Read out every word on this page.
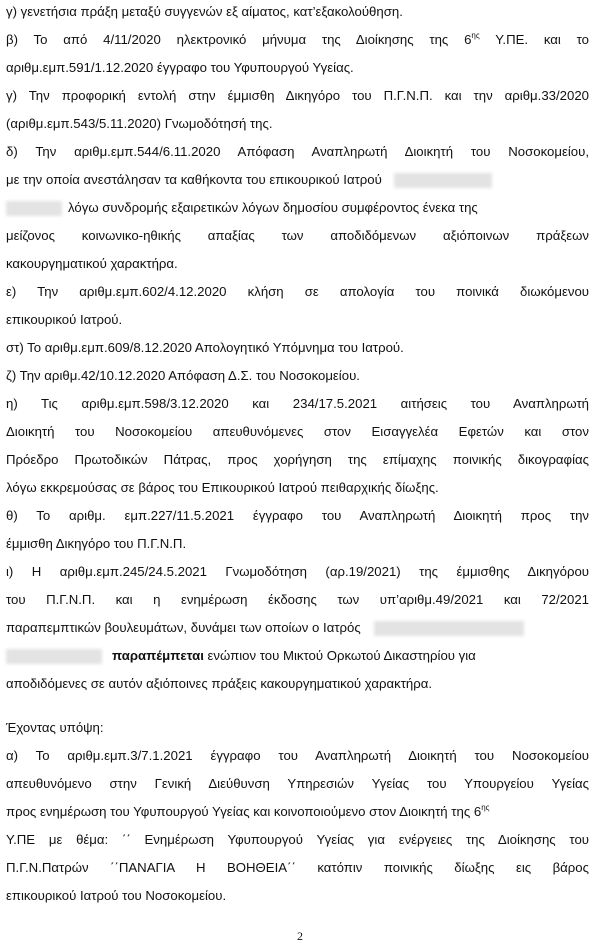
γ) γενετήσια πράξη μεταξύ συγγενών εξ αίματος, κατ’εξακολούθηση.
β) Το από 4/11/2020 ηλεκτρονικό μήνυμα της Διοίκησης της $6^{\eta\varsigma}$ Υ.ΠΕ. και το
αριθμ.εμπ.591/1.12.2020 έγγραφο του Υφυπουργού Υγείας.
γ) Την προφορική εντολή στην έμμισθη Δικηγόρο του Π.Γ.Ν.Π. και την αριθμ.33/2020
(αριθμ.εμπ.543/5.11.2020) Γνωμοδότησή της.
δ) Την αριθμ.εμπ.544/6.11.2020 Απόφαση Αναπληρωτή Διοικητή του Νοσοκομείου,
με την οποία ανεστάλησαν τα καθήκοντα του επικουρικού Ιατρού
λόγω συνδρομής εξαιρετικών λόγων δημοσίου συμφέροντος ένεκα της
μείζονος κοινωνικο-ηθικής απαξίας των αποδιδόμενων αξιόποινων πράξεων
κακουργηματικού χαρακτήρα.
ε) Την αριθμ.εμπ.602/4.12.2020 κλήση σε απολογία του ποινικά διωκόμενου
επικουρικού Ιατρού.
στ) Το αριθμ.εμπ.609/8.12.2020 Απολογητικό Υπόμνημα του Ιατρού.
ζ) Την αριθμ.42/10.12.2020 Απόφαση Δ.Σ. του Νοσοκομείου.
η) Τις αριθμ.εμπ.598/3.12.2020 και 234/17.5.2021 αιτήσεις του Αναπληρωτή
Διοικητή του Νοσοκομείου απευθυνόμενες στον Εισαγγελέα Εφετών και στον
Πρόεδρο Πρωτοδικών Πάτρας, προς χορήγηση της επίμαχης ποινικής δικογραφίας
λόγω εκκρεμούσας σε βάρος του Επικουρικού Ιατρού πειθαρχικής δίωξης.
θ) Το αριθμ. εμπ.227/11.5.2021 έγγραφο του Αναπληρωτή Διοικητή προς την
έμμισθη Δικηγόρο του Π.Γ.Ν.Π.
ι) Η αριθμ.εμπ.245/24.5.2021 Γνωμοδότηση (αρ.19/2021) της έμμισθης Δικηγόρου
του Π.Γ.Ν.Π. και η ενημέρωση έκδοσης των υπ’αριθμ.49/2021 και 72/2021
παραπεμπτικών βουλευμάτων, δυνάμει των οποίων ο Ιατρός
παραπέμπεται ενώπιον του Μικτού Ορκωτού Δικαστηρίου για
αποδιδόμενες σε αυτόν αξιόποινες πράξεις κακουργηματικού χαρακτήρα.
Έχοντας υπόψη:
α) Το αριθμ.εμπ.3/7.1.2021 έγγραφο του Αναπληρωτή Διοικητή του Νοσοκομείου
απευθυνόμενο στην Γενική Διεύθυνση Υπηρεσιών Υγείας του Υπουργείου Υγείας
προς ενημέρωση του Υφυπουργού Υγείας και κοινοποιούμενο στον Διοικητή της $6^{\eta\varsigma}$
Υ.ΠΕ με θέμα: ΄΄ Ενημέρωση Υφυπουργού Υγείας για ενέργειες της Διοίκησης του
Π.Γ.Ν.Πατρών ΄΄ΠΑΝΑΓΙΑ Η ΒΟΗΘΕΙΑ΄΄ κατόπιν ποινικής δίωξης εις βάρος
επικουρικού Ιατρού του Νοσοκομείου.
2
